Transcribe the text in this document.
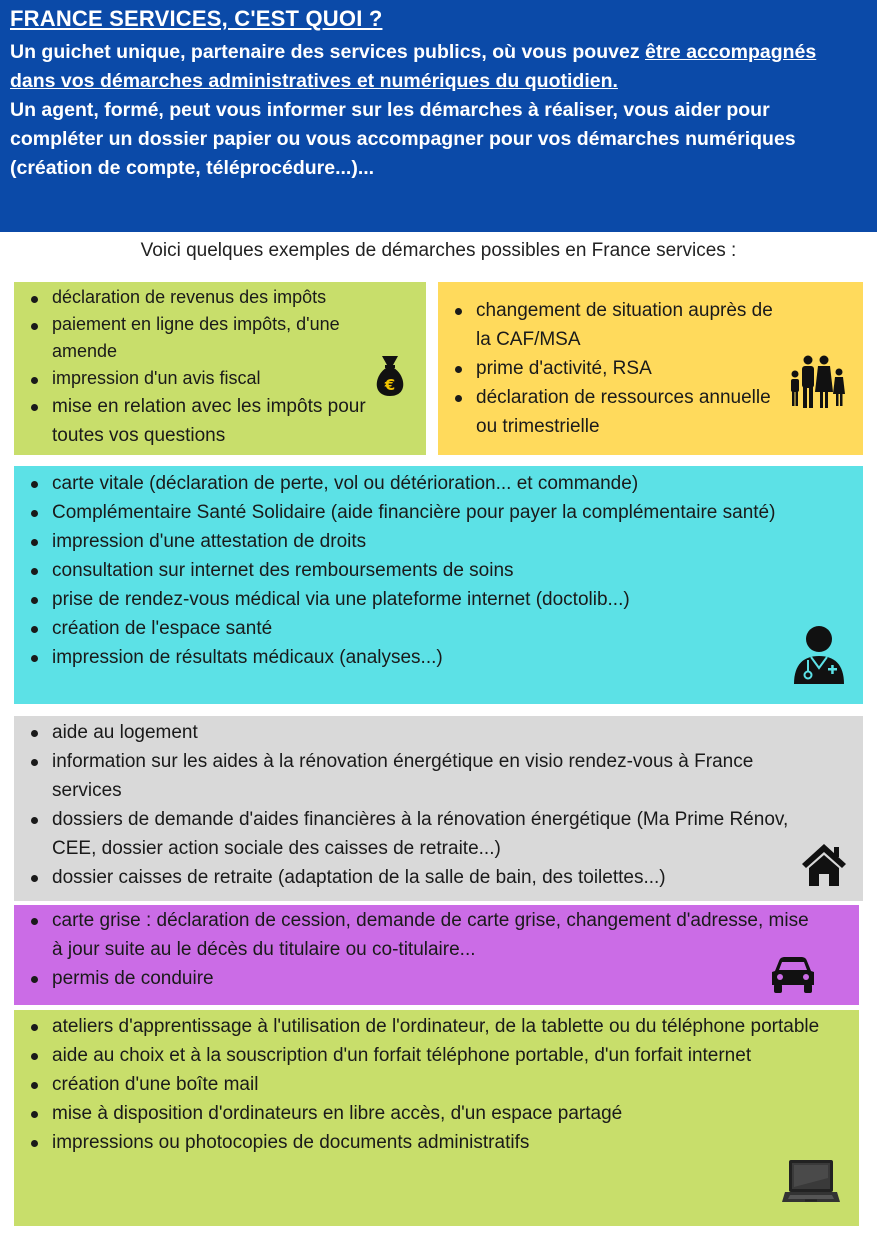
FRANCE SERVICES, C'EST QUOI ?

Un guichet unique, partenaire des services publics, où vous pouvez être accompagnés dans vos démarches administratives et numériques du quotidien.

Un agent, formé, peut vous informer sur les démarches à réaliser, vous aider pour compléter un dossier papier ou vous accompagner pour vos démarches numériques (création de compte, téléprocédure...)...

Voici quelques exemples de démarches possibles en France services :
déclaration de revenus des impôts
paiement en ligne des impôts, d'une amende
impression d'un avis fiscal
mise en relation avec les impôts pour toutes vos questions
€
changement de situation auprès de la CAF/MSA
prime d'activité, RSA
déclaration de ressources annuelle ou trimestrielle
carte vitale (déclaration de perte, vol ou détérioration... et commande)
Complémentaire Santé Solidaire (aide financière pour payer la complémentaire santé)
impression d'une attestation de droits
consultation sur internet des remboursements de soins
prise de rendez-vous médical via une plateforme internet (doctolib...)
création de l'espace santé
impression de résultats médicaux (analyses...)
aide au logement
information sur les aides à la rénovation énergétique en visio rendez-vous à France services
dossiers de demande d'aides financières à la rénovation énergétique (Ma Prime Rénov, CEE, dossier action sociale des caisses de retraite...)
dossier caisses de retraite (adaptation de la salle de bain, des toilettes...)
carte grise : déclaration de cession, demande de carte grise, changement d'adresse, mise à jour suite au le décès du titulaire ou co-titulaire...
permis de conduire
ateliers d'apprentissage à l'utilisation de l'ordinateur, de la tablette ou du téléphone portable
aide au choix et à la souscription d'un forfait téléphone portable, d'un forfait internet
création d'une boîte mail
mise à disposition d'ordinateurs en libre accès, d'un espace partagé
impressions ou photocopies de documents administratifs
